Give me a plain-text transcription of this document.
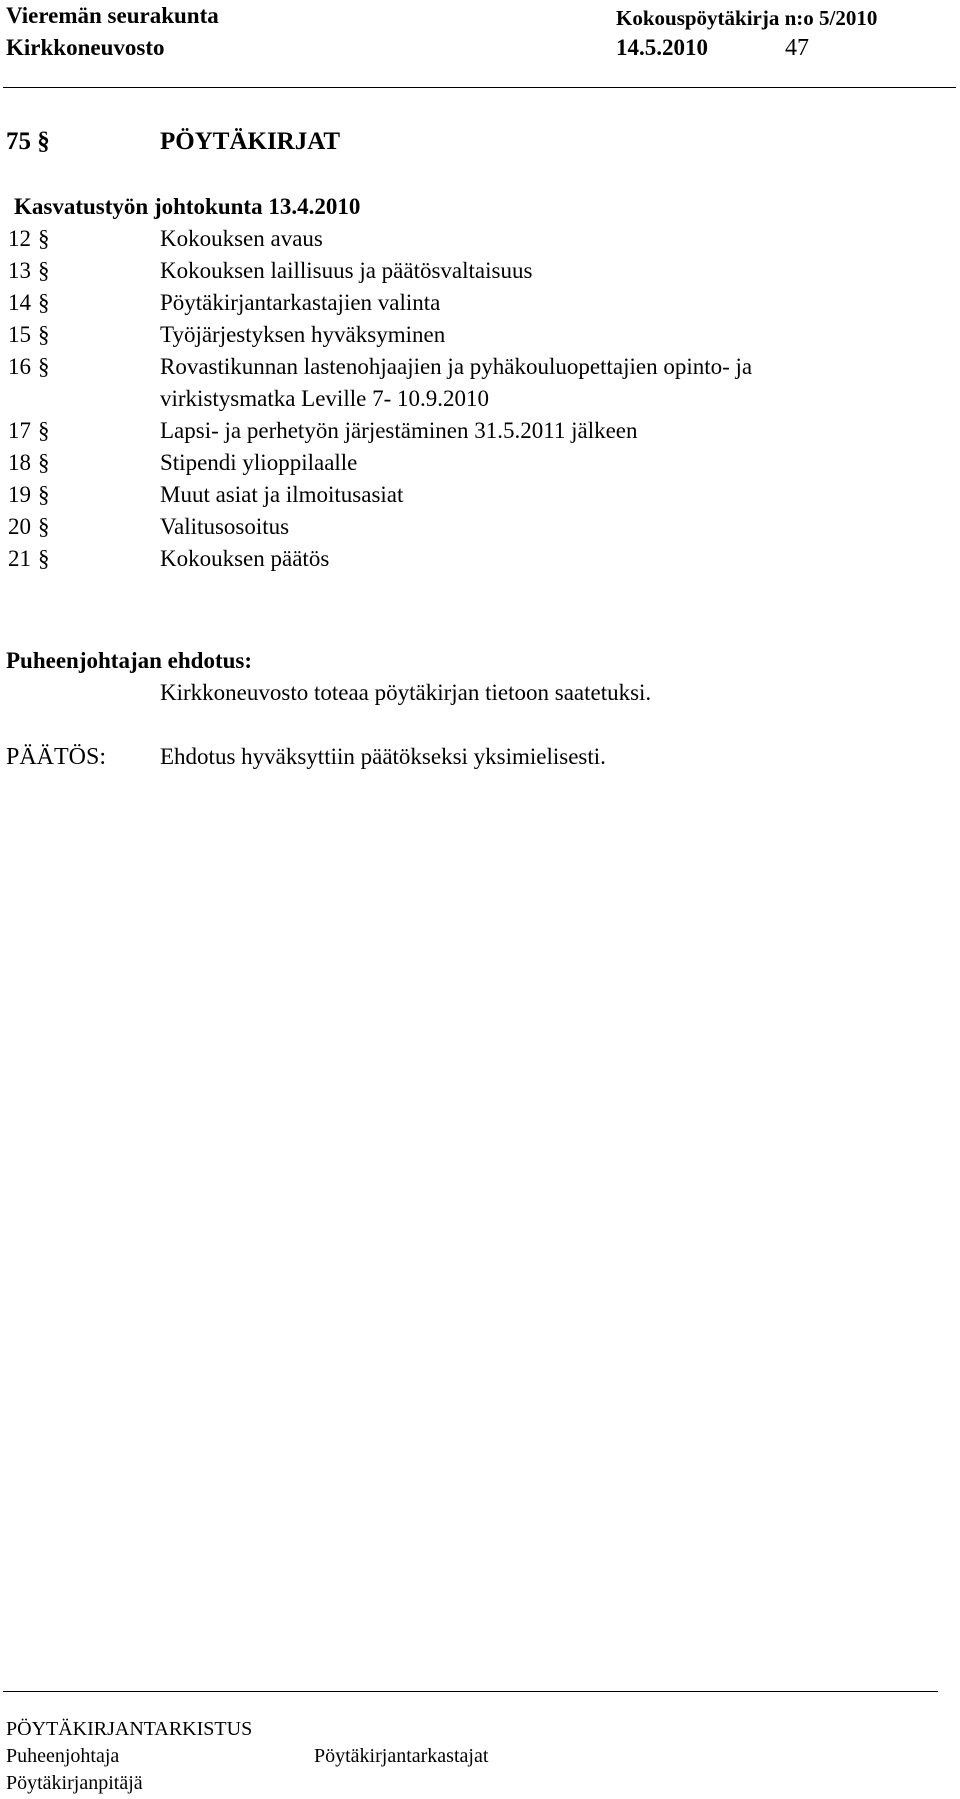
Vieremän seurakunta	Kokouspöytäkirja n:o 5/2010
Kirkkoneuvosto	14.5.2010	47
75 §	PÖYTÄKIRJAT
Kasvatustyön johtokunta 13.4.2010
12 §	Kokouksen avaus
13 §	Kokouksen laillisuus ja päätösvaltaisuus
14 §	Pöytäkirjantarkastajien valinta
15 §	Työjärjestyksen hyväksyminen
16 §	Rovastikunnan lastenohjaajien ja pyhäkouluopettajien opinto- ja
virkistysmatka Leville 7- 10.9.2010
17 §	Lapsi- ja perhetyön järjestäminen 31.5.2011 jälkeen
18 §	Stipendi ylioppilaalle
19 §	Muut asiat ja ilmoitusasiat
20 §	Valitusosoitus
21 §	Kokouksen päätös
Puheenjohtajan ehdotus:
Kirkkoneuvosto toteaa pöytäkirjan tietoon saatetuksi.
PÄÄTÖS: Ehdotus hyväksyttiin päätökseksi yksimielisesti.
PÖYTÄKIRJANTARKISTUS
Puheenjohtaja	Pöytäkirjantarkastajat
Pöytäkirjanpitäjä
